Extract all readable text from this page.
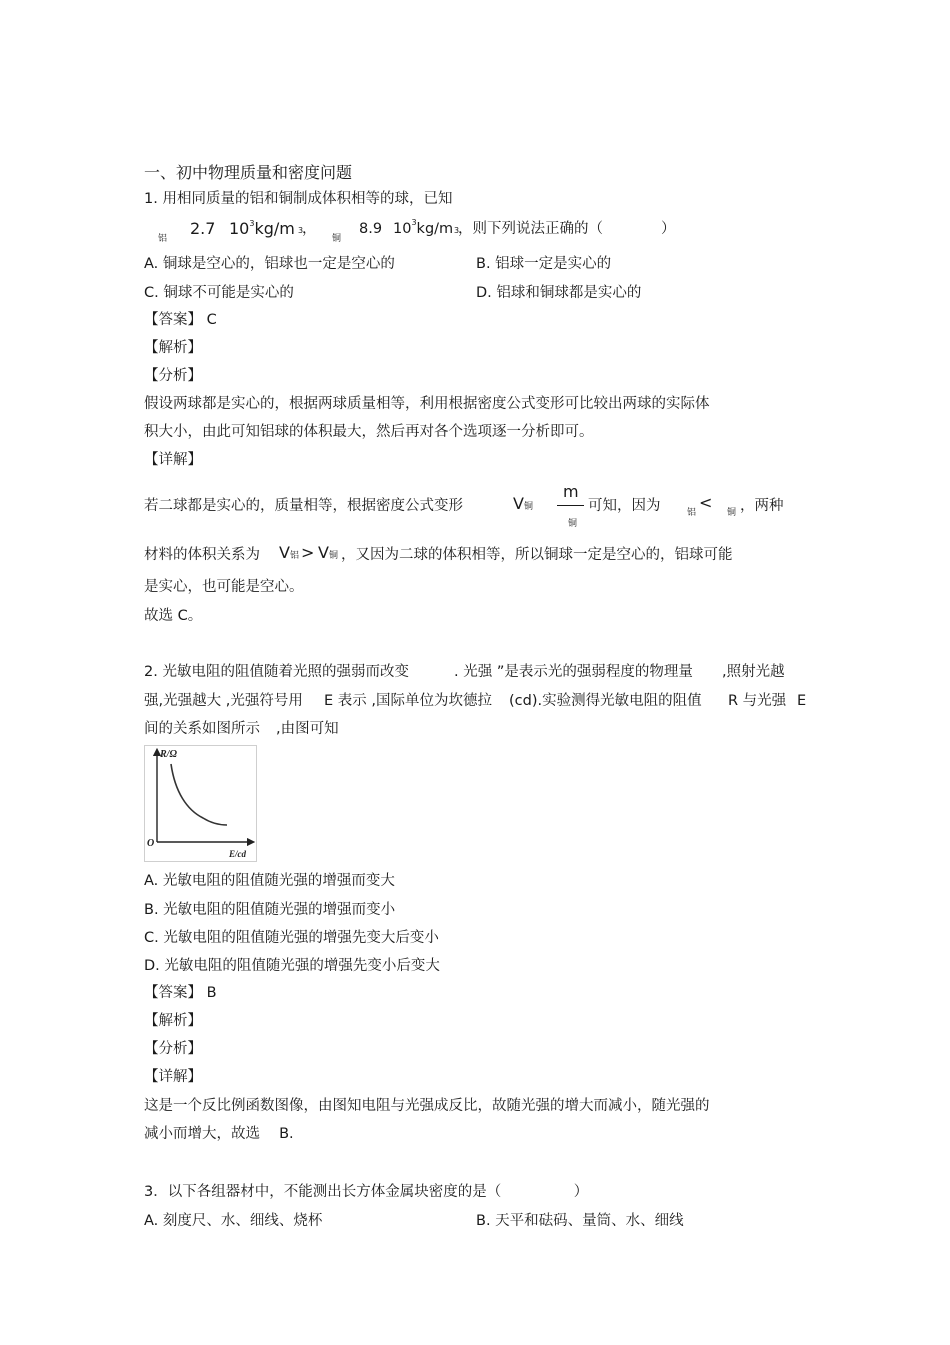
一、初中物理质量和密度问题
1. 用相同质量的铝和铜制成体积相等的球，已知
铝
2.7 $10^3kg/m$ 3
，
铜
8.9 $10^3kg/m$ 3
，则下列说法正确的（　　　　）
A. 铜球是空心的，铝球也一定是空心的	B. 铝球一定是实心的
C. 铜球不可能是实心的	D. 铝球和铜球都是实心的
【答案】 C
【解析】
【分析】
假设两球都是实心的，根据两球质量相等，利用根据密度公式变形可比较出两球的实际体
积大小，由此可知铝球的体积最大，然后再对各个选项逐一分析即可。
【详解】
若二球都是实心的，质量相等，根据密度公式变形	V铜
m
铜
可知，因为	铝
<
铜 ，两种
材料的体积关系为 V铝 > V铜 ，又因为二球的体积相等，所以铜球一定是空心的，铝球可能
是实心，也可能是空心。
故选 C。
2. 光敏电阻的阻值随着光照的强弱而改变	. 光强 ”是表示光的强弱程度的物理量 ,照射光越
强,光强越大 ,光强符号用 E 表示 ,国际单位为坎德拉 (cd).实验测得光敏电阻的阻值 R 与光强 E
间的关系如图所示 ,由图可知
R/Ω
O
E/cd
A. 光敏电阻的阻值随光强的增强而变大
B. 光敏电阻的阻值随光强的增强而变小
C. 光敏电阻的阻值随光强的增强先变大后变小
D. 光敏电阻的阻值随光强的增强先变小后变大
【答案】 B
【解析】
【分析】
【详解】
这是一个反比例函数图像，由图知电阻与光强成反比，故随光强的增大而减小，随光强的
减小而增大，故选　 B.
3．以下各组器材中，不能测出长方体金属块密度的是（　　　　　）
A. 刻度尺、水、细线、烧杯	B. 天平和砝码、量筒、水、细线
